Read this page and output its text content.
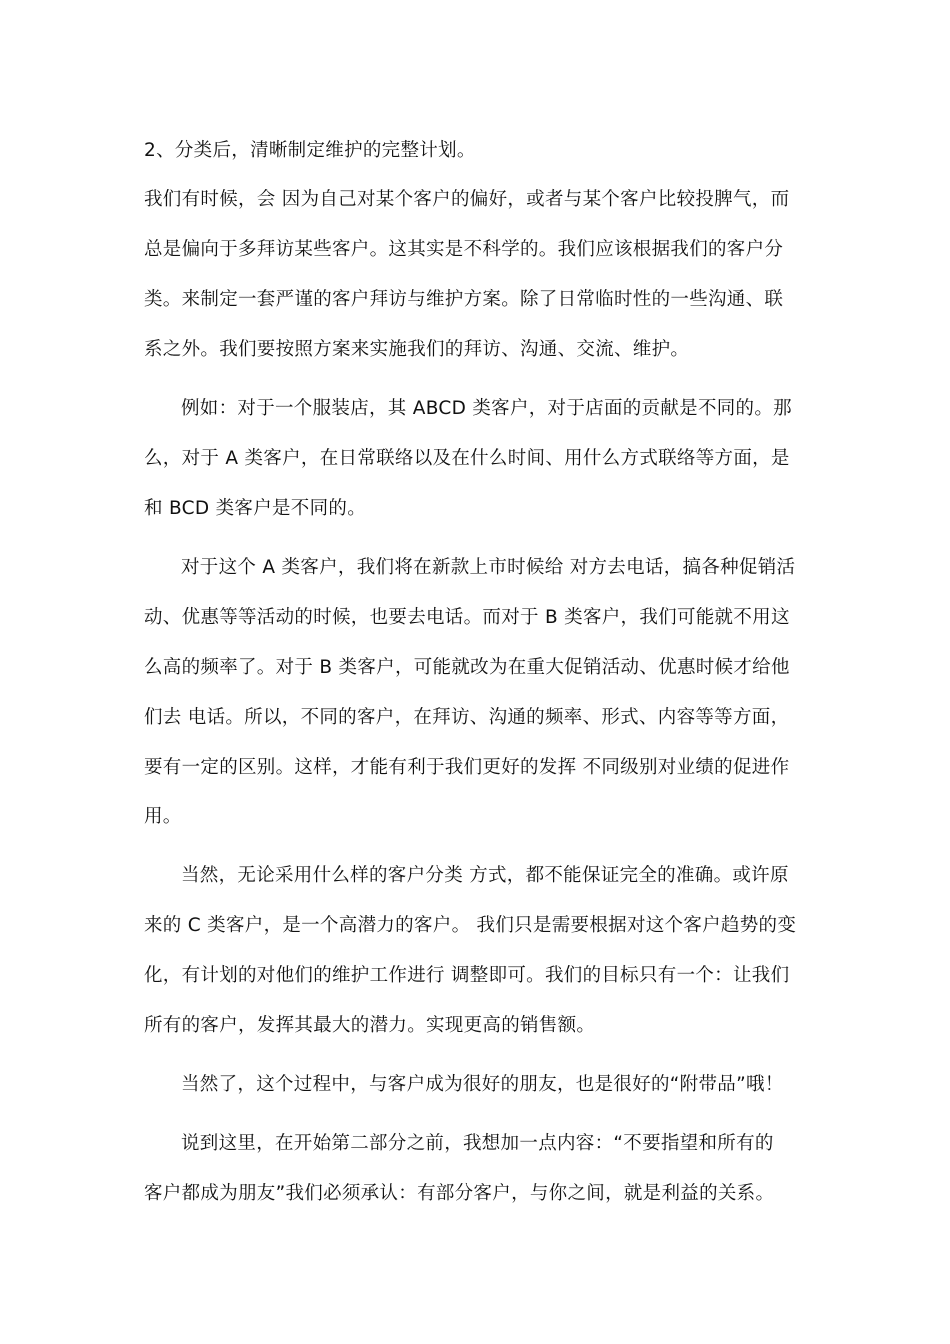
2、分类后，清晰制定维护的完整计划。
我们有时候，会 因为自己对某个客户的偏好，或者与某个客户比较投脾气，而
总是偏向于多拜访某些客户。这其实是不科学的。我们应该根据我们的客户分
类。来制定一套严谨的客户拜访与维护方案。除了日常临时性的一些沟通、联
系之外。我们要按照方案来实施我们的拜访、沟通、交流、维护。
例如：对于一个服装店，其 ABCD 类客户，对于店面的贡献是不同的。那
么，对于 A 类客户，在日常联络以及在什么时间、用什么方式联络等方面，是
和 BCD 类客户是不同的。
对于这个 A 类客户，我们将在新款上市时候给 对方去电话，搞各种促销活
动、优惠等等活动的时候，也要去电话。而对于 B 类客户，我们可能就不用这
么高的频率了。对于 B 类客户，可能就改为在重大促销活动、优惠时候才给他
们去 电话。所以，不同的客户，在拜访、沟通的频率、形式、内容等等方面，
要有一定的区别。这样，才能有利于我们更好的发挥 不同级别对业绩的促进作
用。
当然，无论采用什么样的客户分类 方式，都不能保证完全的准确。或许原
来的 C 类客户，是一个高潜力的客户。 我们只是需要根据对这个客户趋势的变
化，有计划的对他们的维护工作进行 调整即可。我们的目标只有一个：让我们
所有的客户，发挥其最大的潜力。实现更高的销售额。
当然了，这个过程中，与客户成为很好的朋友，也是很好的“附带品”哦！
说到这里，在开始第二部分之前，我想加一点内容：“不要指望和所有的
客户都成为朋友”我们必须承认：有部分客户，与你之间，就是利益的关系。
